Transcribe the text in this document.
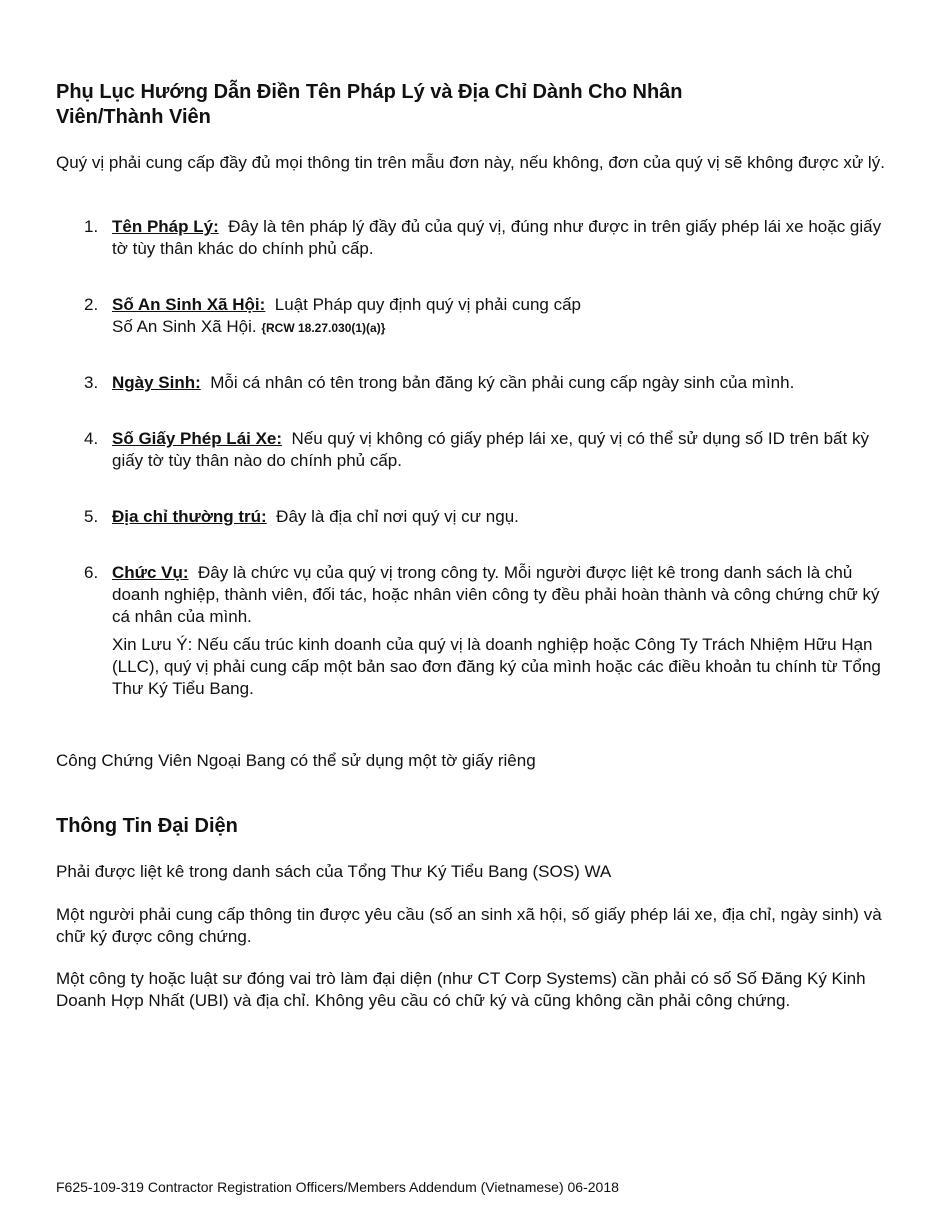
Phụ Lục Hướng Dẫn Điền Tên Pháp Lý và Địa Chỉ Dành Cho Nhân Viên/Thành Viên

Quý vị phải cung cấp đầy đủ mọi thông tin trên mẫu đơn này, nếu không, đơn của quý vị sẽ không được xử lý.

1. Tên Pháp Lý: Đây là tên pháp lý đầy đủ của quý vị, đúng như được in trên giấy phép lái xe hoặc giấy tờ tùy thân khác do chính phủ cấp.
2. Số An Sinh Xã Hội: Luật Pháp quy định quý vị phải cung cấp
Số An Sinh Xã Hội. {RCW 18.27.030(1)(a)}
3. Ngày Sinh: Mỗi cá nhân có tên trong bản đăng ký cần phải cung cấp ngày sinh của mình.
4. Số Giấy Phép Lái Xe: Nếu quý vị không có giấy phép lái xe, quý vị có thể sử dụng số ID trên bất kỳ giấy tờ tùy thân nào do chính phủ cấp.
5. Địa chỉ thường trú: Đây là địa chỉ nơi quý vị cư ngụ.
6. Chức Vụ: Đây là chức vụ của quý vị trong công ty. Mỗi người được liệt kê trong danh sách là chủ doanh nghiệp, thành viên, đối tác, hoặc nhân viên công ty đều phải hoàn thành và công chứng chữ ký cá nhân của mình.
Xin Lưu Ý: Nếu cấu trúc kinh doanh của quý vị là doanh nghiệp hoặc Công Ty Trách Nhiệm Hữu Hạn (LLC), quý vị phải cung cấp một bản sao đơn đăng ký của mình hoặc các điều khoản tu chính từ Tổng Thư Ký Tiểu Bang.

Công Chứng Viên Ngoại Bang có thể sử dụng một tờ giấy riêng

Thông Tin Đại Diện

Phải được liệt kê trong danh sách của Tổng Thư Ký Tiểu Bang (SOS) WA

Một người phải cung cấp thông tin được yêu cầu (số an sinh xã hội, số giấy phép lái xe, địa chỉ, ngày sinh) và chữ ký được công chứng.

Một công ty hoặc luật sư đóng vai trò làm đại diện (như CT Corp Systems) cần phải có số Số Đăng Ký Kinh Doanh Hợp Nhất (UBI) và địa chỉ. Không yêu cầu có chữ ký và cũng không cần phải công chứng.

F625-109-319 Contractor Registration Officers/Members Addendum (Vietnamese) 06-2018
